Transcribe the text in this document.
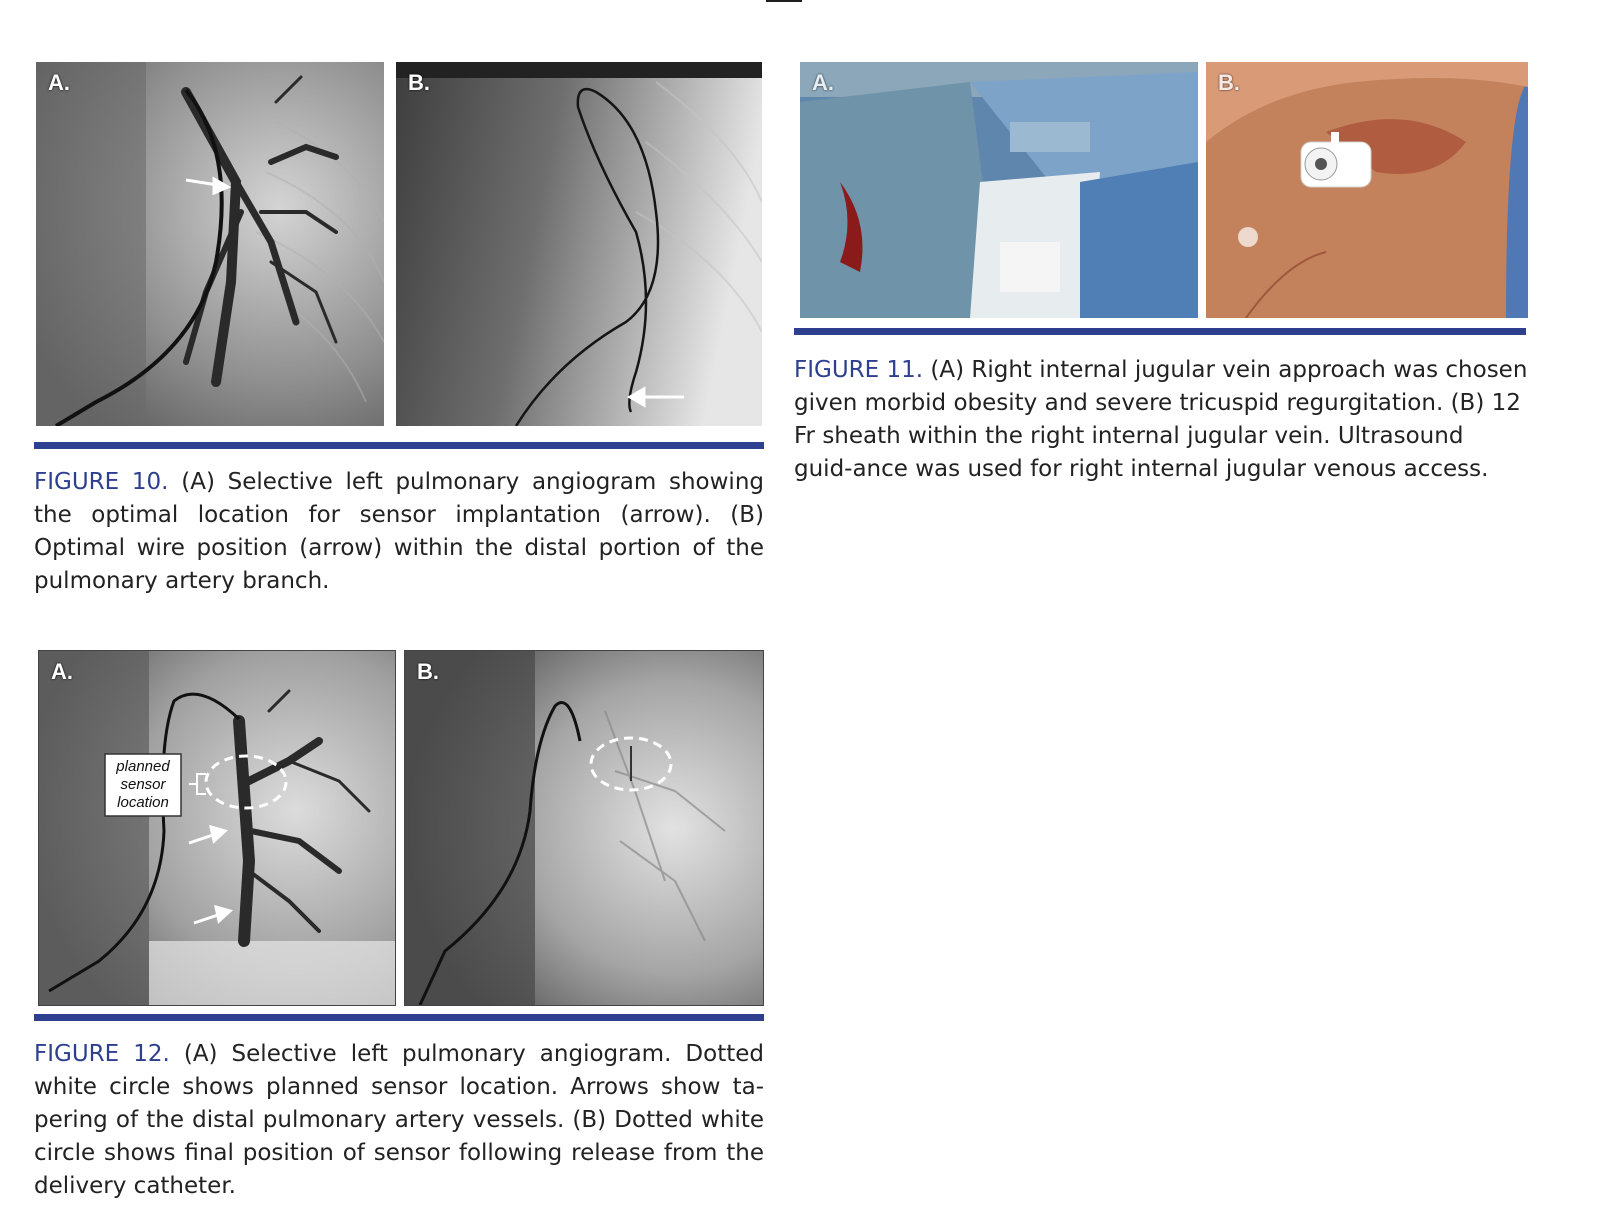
A.	B.
FIGURE 10. (A) Selective left pulmonary angiogram showing the optimal location for sensor implantation (arrow). (B) Optimal wire position (arrow) within the distal portion of the pulmonary artery branch.
A.	B.
FIGURE 11. (A) Right internal jugular vein approach was chosen given morbid obesity and severe tricuspid regurgitation. (B) 12 Fr sheath within the right internal jugular vein. Ultrasound guid-ance was used for right internal jugular venous access.
A.
planned
sensor
location
B.
FIGURE 12. (A) Selective left pulmonary angiogram. Dotted white circle shows planned sensor location. Arrows show ta-pering of the distal pulmonary artery vessels. (B) Dotted white circle shows final position of sensor following release from the delivery catheter.
